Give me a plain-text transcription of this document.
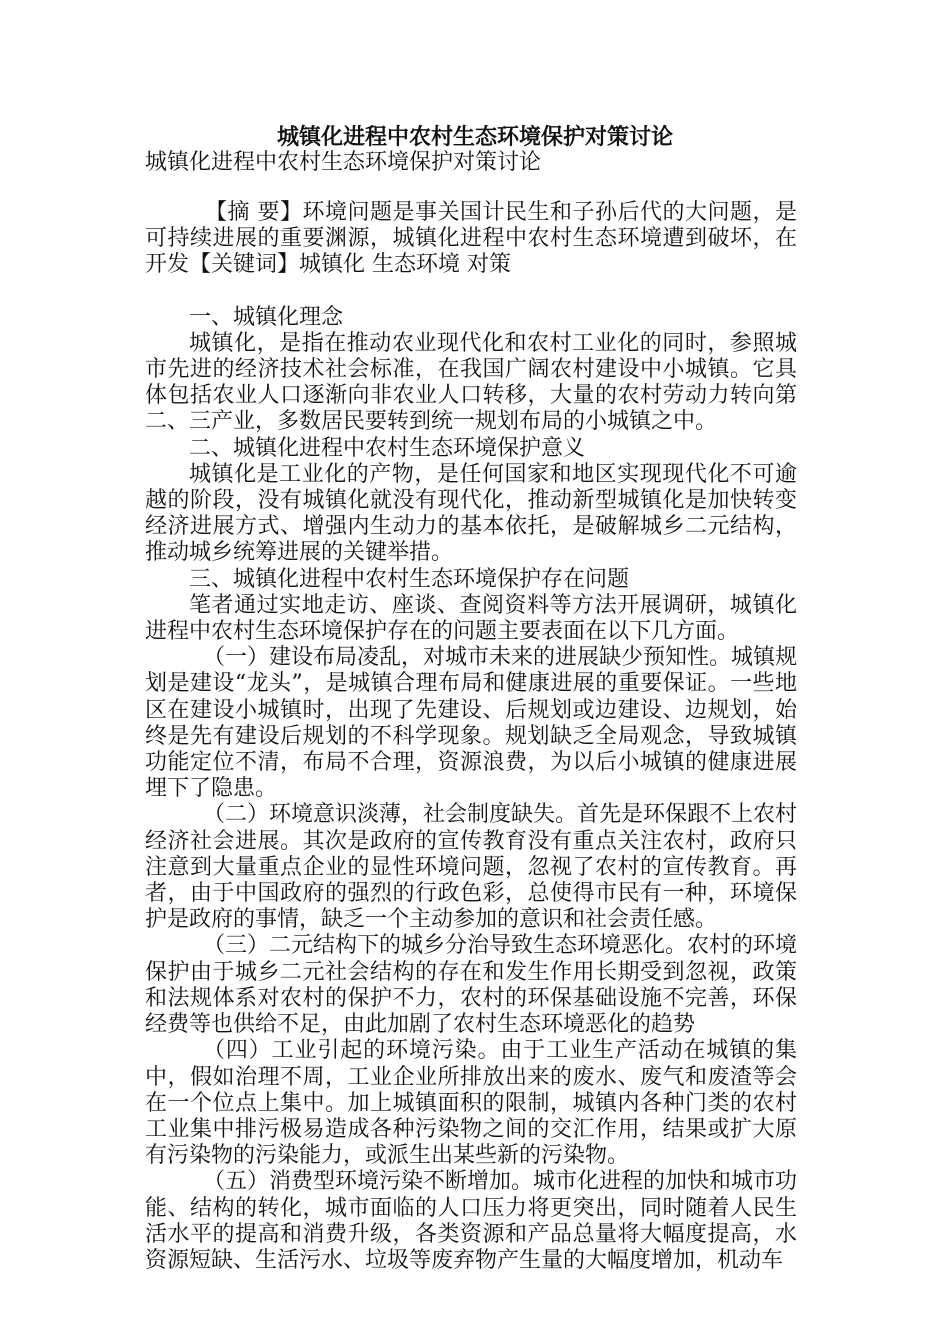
城镇化进程中农村生态环境保护对策讨论
城镇化进程中农村生态环境保护对策讨论

【摘 要】环境问题是事关国计民生和子孙后代的大问题，是可持续进展的重要渊源，城镇化进程中农村生态环境遭到破坏，在开发【关键词】城镇化 生态环境 对策

一、城镇化理念

城镇化，是指在推动农业现代化和农村工业化的同时，参照城市先进的经济技术社会标准，在我国广阔农村建设中小城镇。它具体包括农业人口逐渐向非农业人口转移，大量的农村劳动力转向第二、三产业，多数居民要转到统一规划布局的小城镇之中。

二、城镇化进程中农村生态环境保护意义

城镇化是工业化的产物，是任何国家和地区实现现代化不可逾越的阶段，没有城镇化就没有现代化，推动新型城镇化是加快转变经济进展方式、增强内生动力的基本依托，是破解城乡二元结构，推动城乡统筹进展的关键举措。

三、城镇化进程中农村生态环境保护存在问题

笔者通过实地走访、座谈、查阅资料等方法开展调研，城镇化进程中农村生态环境保护存在的问题主要表面在以下几方面。

（一）建设布局凌乱，对城市未来的进展缺少预知性。城镇规划是建设“龙头”，是城镇合理布局和健康进展的重要保证。一些地区在建设小城镇时，出现了先建设、后规划或边建设、边规划，始终是先有建设后规划的不科学现象。规划缺乏全局观念，导致城镇功能定位不清，布局不合理，资源浪费，为以后小城镇的健康进展埋下了隐患。

（二）环境意识淡薄，社会制度缺失。首先是环保跟不上农村经济社会进展。其次是政府的宣传教育没有重点关注农村，政府只注意到大量重点企业的显性环境问题，忽视了农村的宣传教育。再者，由于中国政府的强烈的行政色彩，总使得市民有一种，环境保护是政府的事情，缺乏一个主动参加的意识和社会责任感。

（三）二元结构下的城乡分治导致生态环境恶化。农村的环境保护由于城乡二元社会结构的存在和发生作用长期受到忽视，政策和法规体系对农村的保护不力，农村的环保基础设施不完善，环保经费等也供给不足，由此加剧了农村生态环境恶化的趋势

（四）工业引起的环境污染。由于工业生产活动在城镇的集中，假如治理不周，工业企业所排放出来的废水、废气和废渣等会在一个位点上集中。加上城镇面积的限制，城镇内各种门类的农村工业集中排污极易造成各种污染物之间的交汇作用，结果或扩大原有污染物的污染能力，或派生出某些新的污染物。

（五）消费型环境污染不断增加。城市化进程的加快和城市功能、结构的转化，城市面临的人口压力将更突出，同时随着人民生活水平的提高和消费升级，各类资源和产品总量将大幅度提高，水资源短缺、生活污水、垃圾等废弃物产生量的大幅度增加，机动车
